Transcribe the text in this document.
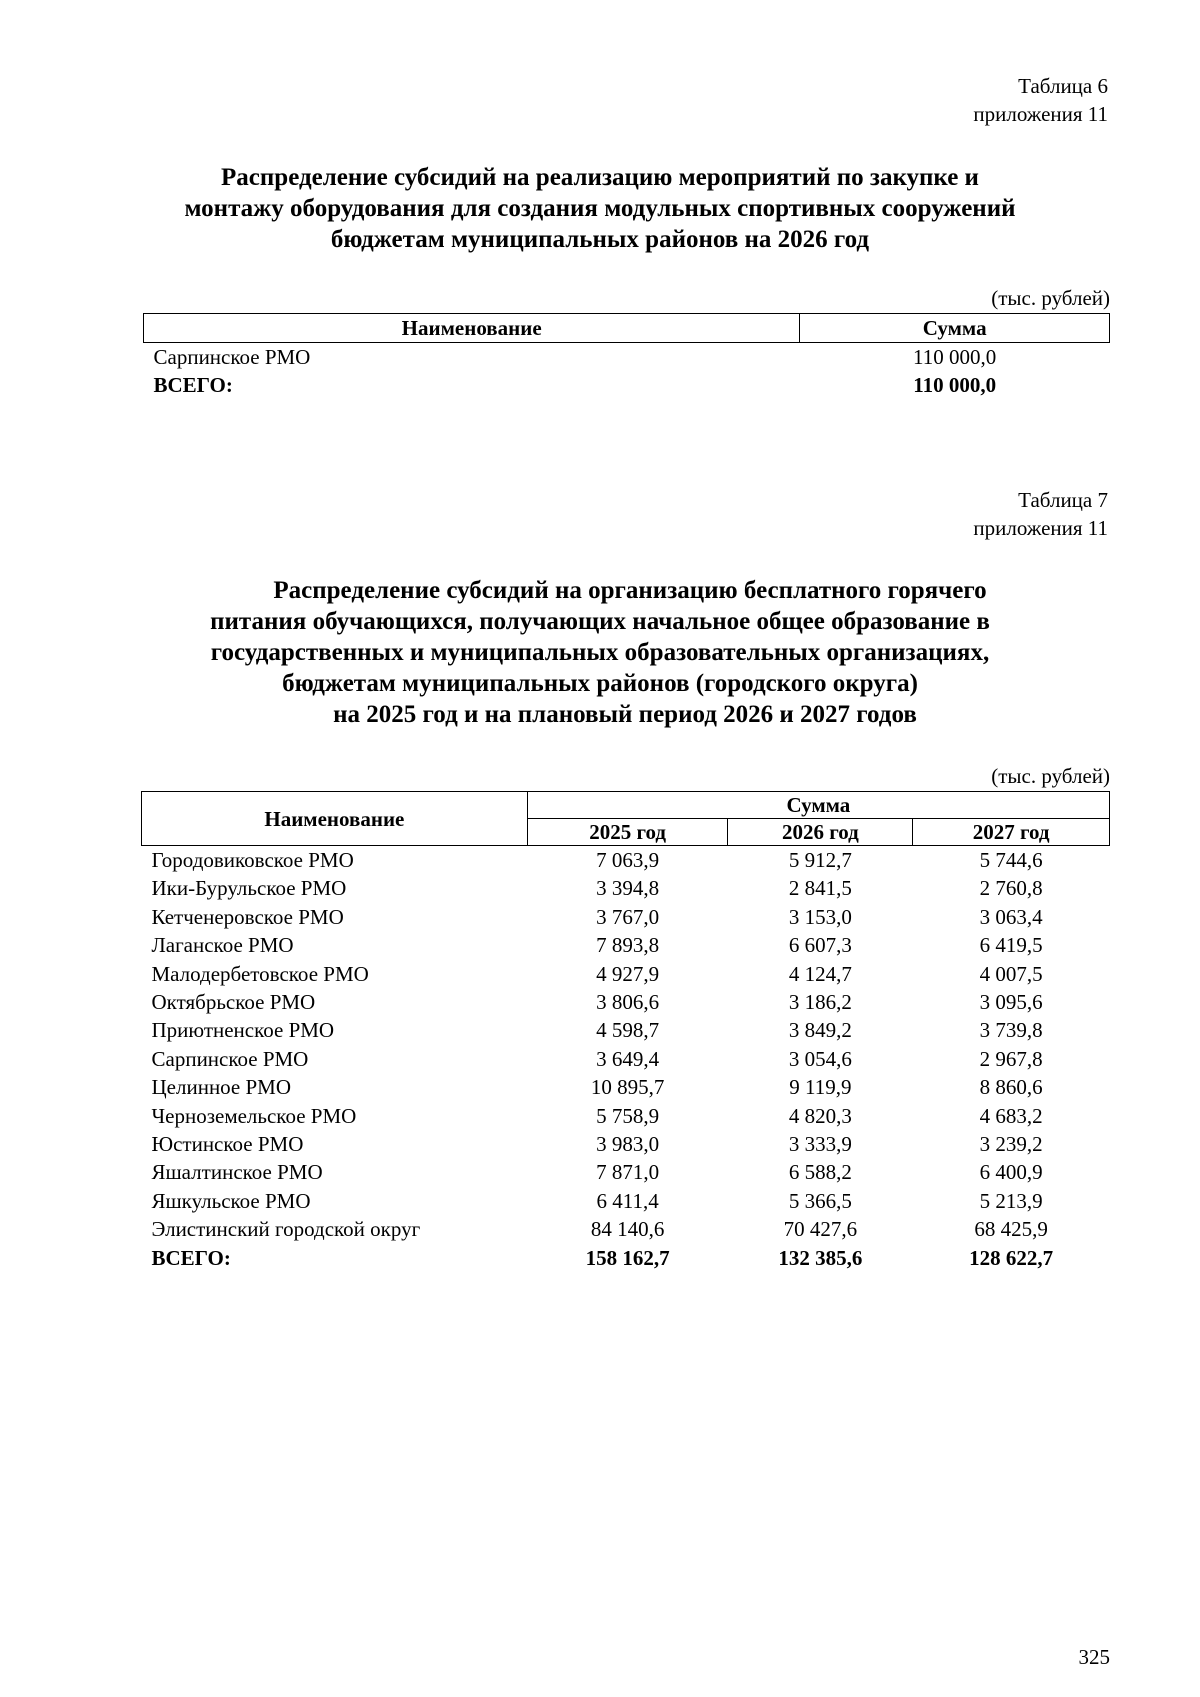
Таблица 6
приложения 11
Распределение субсидий на реализацию мероприятий по закупке и
монтажу оборудования для создания модульных спортивных сооружений
бюджетам муниципальных районов на 2026 год
(тыс. рублей)
Наименование	Сумма
Сарпинское РМО	110 000,0
ВСЕГО:	110 000,0
Таблица 7
приложения 11
Распределение субсидий на организацию бесплатного горячего
питания обучающихся, получающих начальное общее образование в
государственных и муниципальных образовательных организациях,
бюджетам муниципальных районов (городского округа)
на 2025 год и на плановый период 2026 и 2027 годов
(тыс. рублей)
Наименование	Сумма		
	2025 год	2026 год	2027 год
Городовиковское РМО	7 063,9	5 912,7	5 744,6
Ики-Бурульское РМО	3 394,8	2 841,5	2 760,8
Кетченеровское РМО	3 767,0	3 153,0	3 063,4
Лаганское РМО	7 893,8	6 607,3	6 419,5
Малодербетовское РМО	4 927,9	4 124,7	4 007,5
Октябрьское РМО	3 806,6	3 186,2	3 095,6
Приютненское РМО	4 598,7	3 849,2	3 739,8
Сарпинское РМО	3 649,4	3 054,6	2 967,8
Целинное РМО	10 895,7	9 119,9	8 860,6
Черноземельское РМО	5 758,9	4 820,3	4 683,2
Юстинское РМО	3 983,0	3 333,9	3 239,2
Яшалтинское РМО	7 871,0	6 588,2	6 400,9
Яшкульское РМО	6 411,4	5 366,5	5 213,9
Элистинский городской округ	84 140,6	70 427,6	68 425,9
ВСЕГО:	158 162,7	132 385,6	128 622,7
325
